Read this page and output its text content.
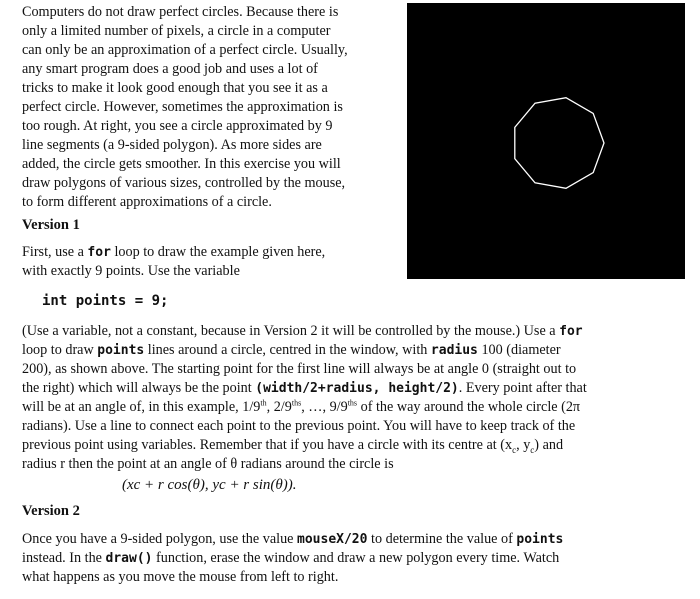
Computers do not draw perfect circles. Because there is
only a limited number of pixels, a circle in a computer
can only be an approximation of a perfect circle. Usually,
any smart program does a good job and uses a lot of
tricks to make it look good enough that you see it as a
perfect circle. However, sometimes the approximation is
too rough. At right, you see a circle approximated by 9
line segments (a 9-sided polygon). As more sides are
added, the circle gets smoother. In this exercise you will
draw polygons of various sizes, controlled by the mouse,
to form different approximations of a circle.
Version 1
First, use a for loop to draw the example given here,
with exactly 9 points. Use the variable
int points = 9;
(Use a variable, not a constant, because in Version 2 it will be controlled by the mouse.) Use a for
loop to draw points lines around a circle, centred in the window, with radius 100 (diameter
200), as shown above. The starting point for the first line will always be at angle 0 (straight out to
the right) which will always be the point (width/2+radius, height/2). Every point after that
will be at an angle of, in this example, 1/9th, $2/9^{ths}$, …, $9/9^{ths}$ of the way around the whole circle (2π
radians). Use a line to connect each point to the previous point. You will have to keep track of the
previous point using variables. Remember that if you have a circle with its centre at ($x_c$, $y_c$) and
radius r then the point at an angle of θ radians around the circle is
(xc + r cos(θ), yc + r sin(θ)).
Version 2
Once you have a 9-sided polygon, use the value mouseX/20 to determine the value of points
instead. In the draw() function, erase the window and draw a new polygon every time. Watch
what happens as you move the mouse from left to right.
